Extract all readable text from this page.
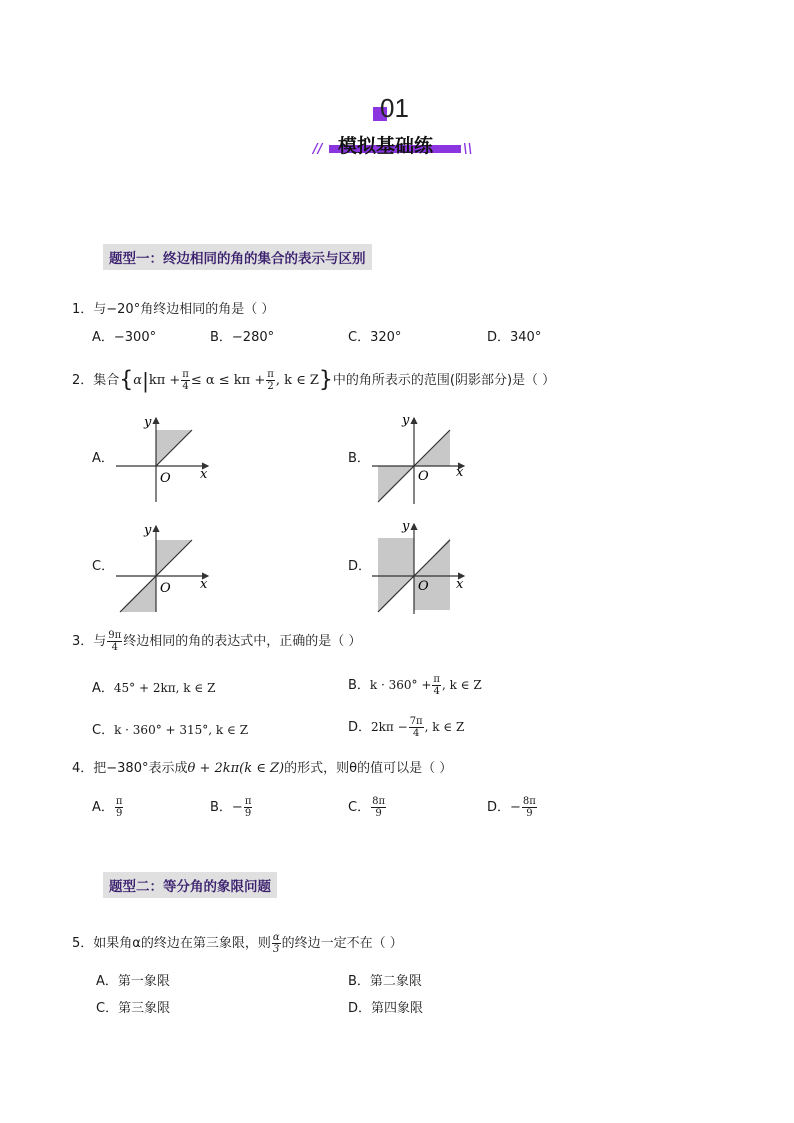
01
模拟基础练
//	\\
题型一：终边相同的角的集合的表示与区别
1．与−20°角终边相同的角是（ ）
A．−300°	B．−280°	C．320°	D．340°
2．集合{$\alpha|k\pi + \frac{\pi}{4} \le \alpha \le k\pi + \frac{\pi}{2}$ , k ∈ Z}中的角所表示的范围(阴影部分)是（ ）
A．	B．
C．	D．
y
x
O
y
x
O
y
x
O
y
x
O
3．与 $\frac{9\pi}{4}$ 终边相同的角的表达式中，正确的是（ ）
A．45° + 2kπ, k ∈ Z	B．$k \cdot 360^\circ + \frac{\pi}{4}$ , k ∈ Z
C．k · 360° + 315°, k ∈ Z	D．$2k\pi - \frac{7\pi}{4}$ , k ∈ Z
4．把−380°表示成θ + 2kπ(k ∈ Z)的形式，则θ的值可以是（ ）
A． $\frac{\pi}{9}$	B．− $\frac{\pi}{9}$	C． $\frac{8\pi}{9}$	D．− $\frac{8\pi}{9}$
题型二：等分角的象限问题
5．如果角α的终边在第三象限，则 $\frac{\alpha}{3}$ 的终边一定不在（ ）
A．第一象限	B．第二象限
C．第三象限	D．第四象限
